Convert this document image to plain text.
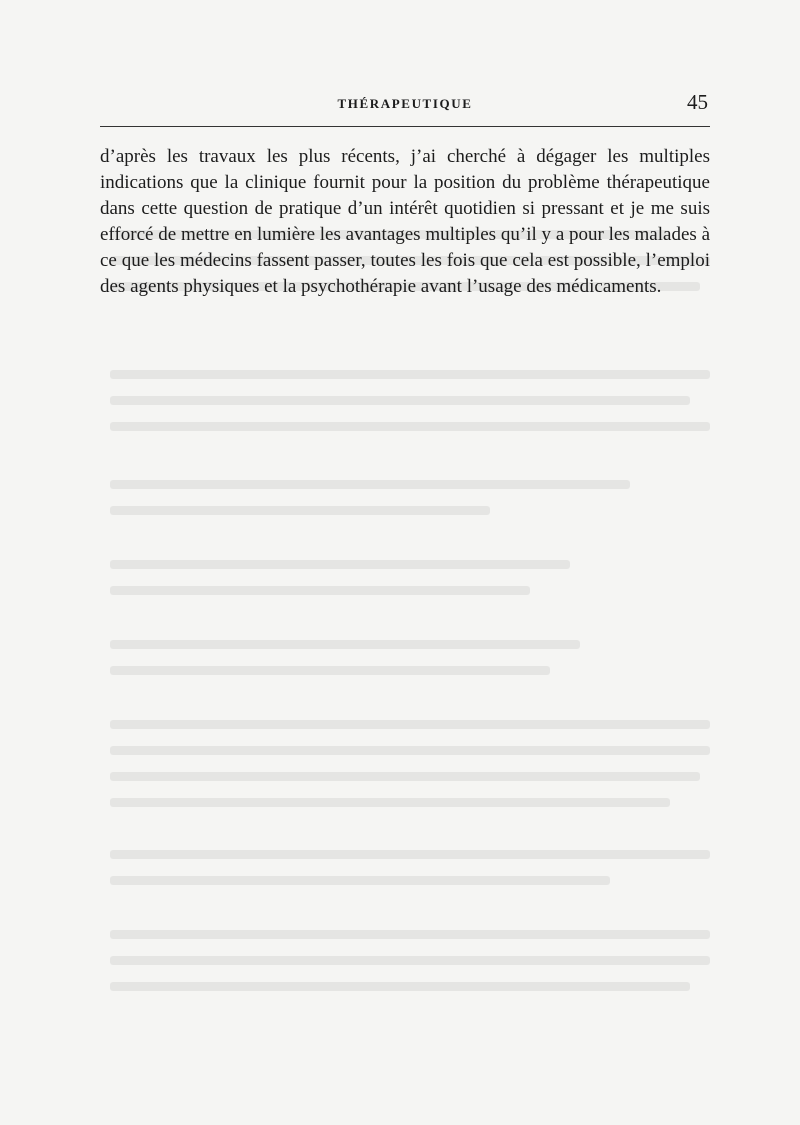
THÉRAPEUTIQUE	45

d’après les travaux les plus récents, j’ai cherché à dégager les multiples indications que la clinique fournit pour la position du problème thérapeutique dans cette question de pratique d’un intérêt quotidien si pressant et je me suis efforcé de mettre en lumière les avantages multiples qu’il y a pour les malades à ce que les médecins fassent passer, toutes les fois que cela est possible, l’emploi des agents physiques et la psychothérapie avant l’usage des médicaments.
